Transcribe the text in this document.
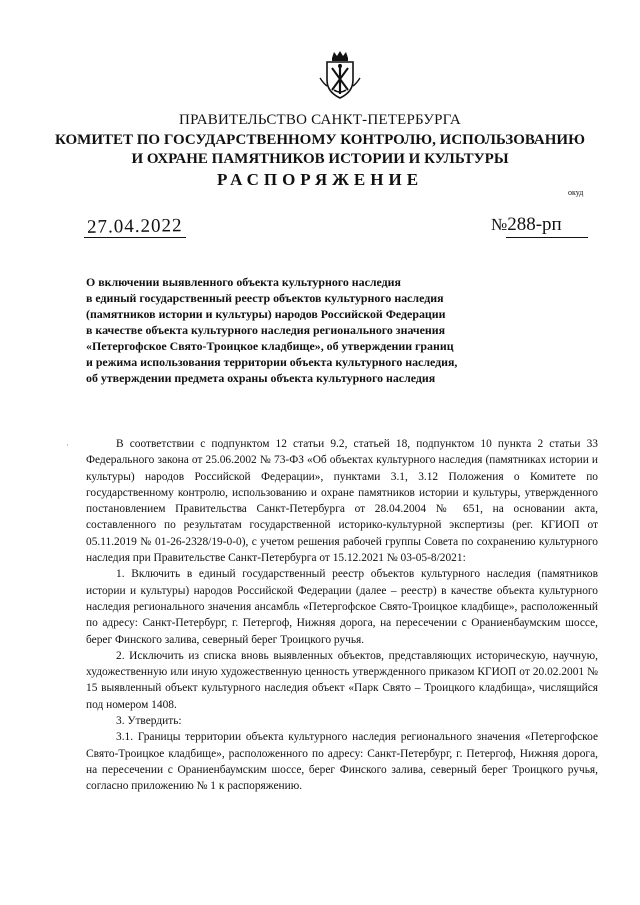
ПРАВИТЕЛЬСТВО САНКТ-ПЕТЕРБУРГА
КОМИТЕТ ПО ГОСУДАРСТВЕННОМУ КОНТРОЛЮ, ИСПОЛЬЗОВАНИЮ
И ОХРАНЕ ПАМЯТНИКОВ ИСТОРИИ И КУЛЬТУРЫ
РАСПОРЯЖЕНИЕ
окуд
27.04.2022	№288-рп
О включении выявленного объекта культурного наследия
в единый государственный реестр объектов культурного наследия
(памятников истории и культуры) народов Российской Федерации
в качестве объекта культурного наследия регионального значения
«Петергофское Свято-Троицкое кладбище», об утверждении границ
и режима использования территории объекта культурного наследия,
об утверждении предмета охраны объекта культурного наследия
·	В соответствии с подпунктом 12 статьи 9.2, статьей 18, подпунктом 10 пункта 2 статьи 33 Федерального закона от 25.06.2002 № 73-ФЗ «Об объектах культурного наследия (памятниках истории и культуры) народов Российской Федерации», пунктами 3.1, 3.12 Положения о Комитете по государственному контролю, использованию и охране памятников истории и культуры, утвержденного постановлением Правительства Санкт-Петербурга от 28.04.2004 № 651, на основании акта, составленного по результатам государственной историко-культурной экспертизы (рег. КГИОП от 05.11.2019 № 01-26-2328/19-0-0), с учетом решения рабочей группы Совета по сохранению культурного наследия при Правительстве Санкт-Петербурга от 15.12.2021 № 03-05-8/2021:

1. Включить в единый государственный реестр объектов культурного наследия (памятников истории и культуры) народов Российской Федерации (далее – реестр) в качестве объекта культурного наследия регионального значения ансамбль «Петергофское Свято-Троицкое кладбище», расположенный по адресу: Санкт-Петербург, г. Петергоф, Нижняя дорога, на пересечении с Ораниенбаумским шоссе, берег Финского залива, северный берег Троицкого ручья.

2. Исключить из списка вновь выявленных объектов, представляющих историческую, научную, художественную или иную художественную ценность утвержденного приказом КГИОП от 20.02.2001 № 15 выявленный объект культурного наследия объект «Парк Свято – Троицкого кладбища», числящийся под номером 1408.

3. Утвердить:

3.1. Границы территории объекта культурного наследия регионального значения «Петергофское Свято-Троицкое кладбище», расположенного по адресу: Санкт-Петербург, г. Петергоф, Нижняя дорога, на пересечении с Ораниенбаумским шоссе, берег Финского залива, северный берег Троицкого ручья, согласно приложению № 1 к распоряжению.
